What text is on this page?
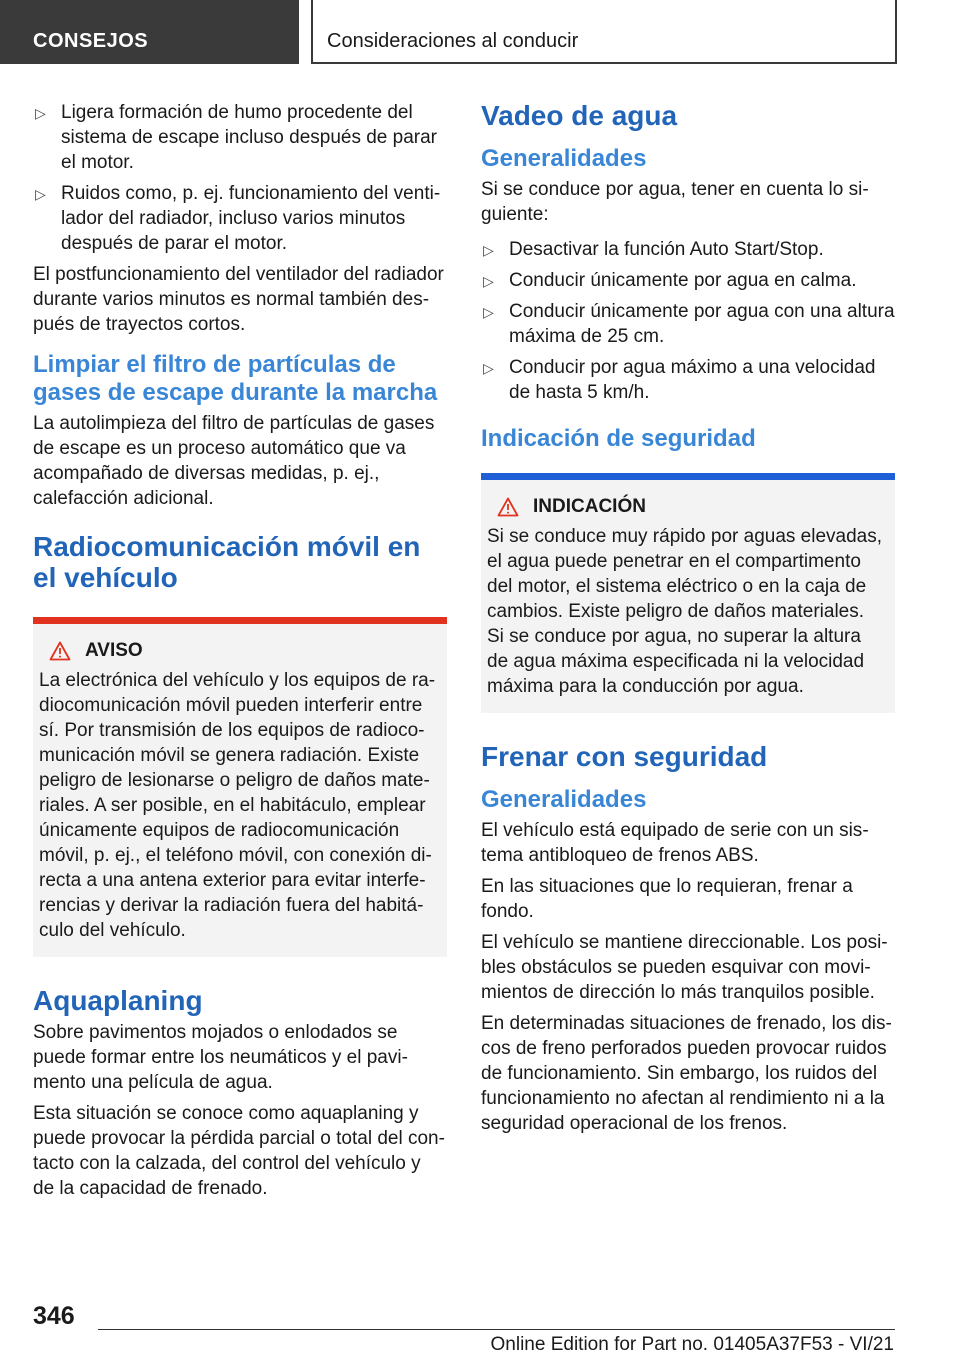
CONSEJOS	Consideraciones al conducir
▷ Ligera formación de humo procedente del sistema de escape incluso después de parar el motor.
▷ Ruidos como, p. ej. funcionamiento del ventilador del radiador, incluso varios minutos después de parar el motor.

El postfuncionamiento del ventilador del radiador durante varios minutos es normal también después de trayectos cortos.

Limpiar el filtro de partículas de gases de escape durante la marcha

La autolimpieza del filtro de partículas de gases de escape es un proceso automático que va acompañado de diversas medidas, p. ej., calefacción adicional.

Radiocomunicación móvil en el vehículo
AVISO

La electrónica del vehículo y los equipos de radiocomunicación móvil pueden interferir entre sí. Por transmisión de los equipos de radiocomunicación móvil se genera radiación. Existe peligro de lesionarse o peligro de daños materiales. A ser posible, en el habitáculo, emplear únicamente equipos de radiocomunicación móvil, p. ej., el teléfono móvil, con conexión directa a una antena exterior para evitar interferencias y derivar la radiación fuera del habitáculo del vehículo.

Aquaplaning

Sobre pavimentos mojados o enlodados se puede formar entre los neumáticos y el pavimento una película de agua.

Esta situación se conoce como aquaplaning y puede provocar la pérdida parcial o total del contacto con la calzada, del control del vehículo y de la capacidad de frenado.

Vadeo de agua
Generalidades

Si se conduce por agua, tener en cuenta lo siguiente:

▷ Desactivar la función Auto Start/Stop.
▷ Conducir únicamente por agua en calma.
▷ Conducir únicamente por agua con una altura máxima de 25 cm.
▷ Conducir por agua máximo a una velocidad de hasta 5 km/h.
Indicación de seguridad
INDICACIÓN

Si se conduce muy rápido por aguas elevadas, el agua puede penetrar en el compartimento del motor, el sistema eléctrico o en la caja de cambios. Existe peligro de daños materiales. Si se conduce por agua, no superar la altura de agua máxima especificada ni la velocidad máxima para la conducción por agua.

Frenar con seguridad
Generalidades

El vehículo está equipado de serie con un sistema antibloqueo de frenos ABS.

En las situaciones que lo requieran, frenar a fondo.

El vehículo se mantiene direccionable. Los posibles obstáculos se pueden esquivar con movimientos de dirección lo más tranquilos posible.

En determinadas situaciones de frenado, los discos de freno perforados pueden provocar ruidos de funcionamiento. Sin embargo, los ruidos del funcionamiento no afectan al rendimiento ni a la seguridad operacional de los frenos.

346
Online Edition for Part no. 01405A37F53 - VI/21
